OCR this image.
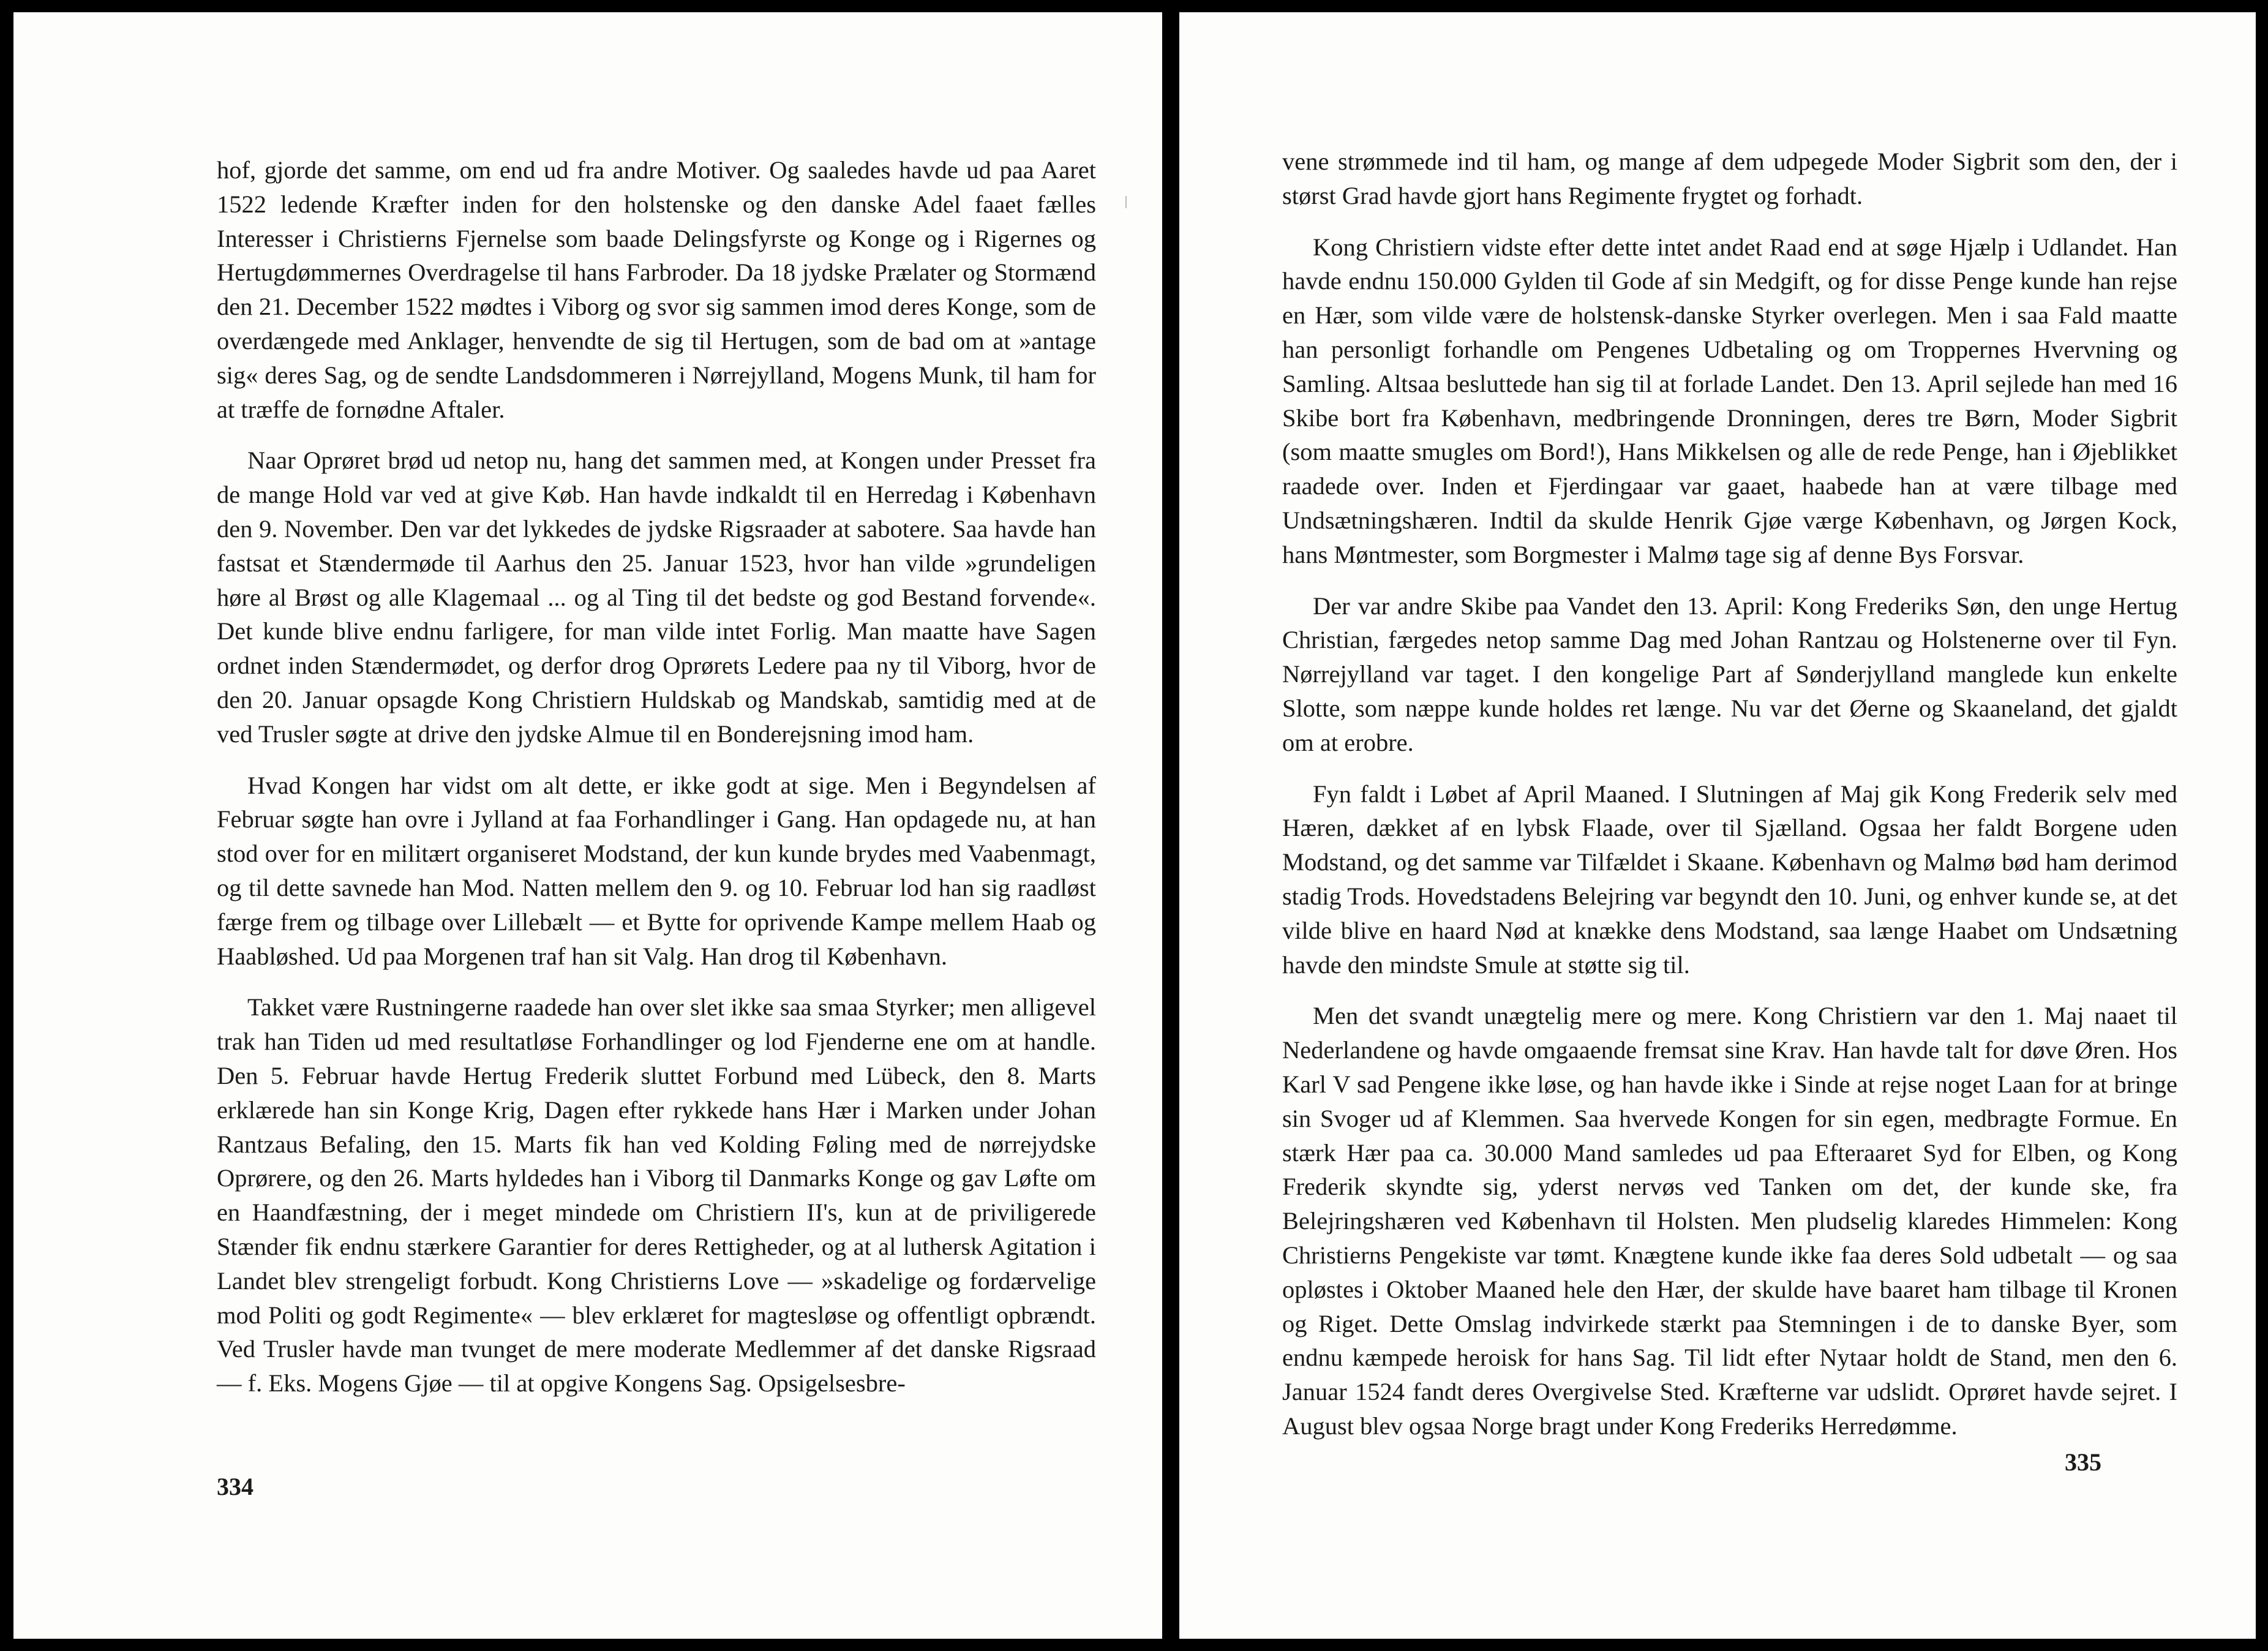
hof, gjorde det samme, om end ud fra andre Motiver. Og saaledes havde ud paa Aaret 1522 ledende Kræfter inden for den holstenske og den danske Adel faaet fælles Interesser i Christierns Fjernelse som baade Delingsfyrste og Konge og i Rigernes og Hertugdømmernes Overdragelse til hans Farbroder. Da 18 jydske Prælater og Stormænd den 21. December 1522 mødtes i Viborg og svor sig sammen imod deres Konge, som de overdængede med Anklager, henvendte de sig til Hertugen, som de bad om at »antage sig« deres Sag, og de sendte Landsdommeren i Nørrejylland, Mogens Munk, til ham for at træffe de fornødne Aftaler.

Naar Oprøret brød ud netop nu, hang det sammen med, at Kongen under Presset fra de mange Hold var ved at give Køb. Han havde indkaldt til en Herredag i København den 9. November. Den var det lykkedes de jydske Rigsraader at sabotere. Saa havde han fastsat et Stændermøde til Aarhus den 25. Januar 1523, hvor han vilde »grundeligen høre al Brøst og alle Klagemaal ... og al Ting til det bedste og god Bestand forvende«. Det kunde blive endnu farligere, for man vilde intet Forlig. Man maatte have Sagen ordnet inden Stændermødet, og derfor drog Oprørets Ledere paa ny til Viborg, hvor de den 20. Januar opsagde Kong Christiern Huldskab og Mandskab, samtidig med at de ved Trusler søgte at drive den jydske Almue til en Bonderejsning imod ham.

Hvad Kongen har vidst om alt dette, er ikke godt at sige. Men i Begyndelsen af Februar søgte han ovre i Jylland at faa Forhandlinger i Gang. Han opdagede nu, at han stod over for en militært organiseret Modstand, der kun kunde brydes med Vaabenmagt, og til dette savnede han Mod. Natten mellem den 9. og 10. Februar lod han sig raadløst færge frem og tilbage over Lillebælt — et Bytte for oprivende Kampe mellem Haab og Haabløshed. Ud paa Morgenen traf han sit Valg. Han drog til København.

Takket være Rustningerne raadede han over slet ikke saa smaa Styrker; men alligevel trak han Tiden ud med resultatløse Forhandlinger og lod Fjenderne ene om at handle. Den 5. Februar havde Hertug Frederik sluttet Forbund med Lübeck, den 8. Marts erklærede han sin Konge Krig, Dagen efter rykkede hans Hær i Marken under Johan Rantzaus Befaling, den 15. Marts fik han ved Kolding Føling med de nørrejydske Oprørere, og den 26. Marts hyldedes han i Viborg til Danmarks Konge og gav Løfte om en Haandfæstning, der i meget mindede om Christiern II's, kun at de priviligerede Stænder fik endnu stærkere Garantier for deres Rettigheder, og at al luthersk Agitation i Landet blev strengeligt forbudt. Kong Christierns Love — »skadelige og fordærvelige mod Politi og godt Regimente« — blev erklæret for magtesløse og offentligt opbrændt. Ved Trusler havde man tvunget de mere moderate Medlemmer af det danske Rigsraad — f. Eks. Mogens Gjøe — til at opgive Kongens Sag. Opsigelsesbre-

334

vene strømmede ind til ham, og mange af dem udpegede Moder Sigbrit som den, der i størst Grad havde gjort hans Regimente frygtet og forhadt.

Kong Christiern vidste efter dette intet andet Raad end at søge Hjælp i Udlandet. Han havde endnu 150.000 Gylden til Gode af sin Medgift, og for disse Penge kunde han rejse en Hær, som vilde være de holstensk-danske Styrker overlegen. Men i saa Fald maatte han personligt forhandle om Pengenes Udbetaling og om Troppernes Hvervning og Samling. Altsaa besluttede han sig til at forlade Landet. Den 13. April sejlede han med 16 Skibe bort fra København, medbringende Dronningen, deres tre Børn, Moder Sigbrit (som maatte smugles om Bord!), Hans Mikkelsen og alle de rede Penge, han i Øjeblikket raadede over. Inden et Fjerdingaar var gaaet, haabede han at være tilbage med Undsætningshæren. Indtil da skulde Henrik Gjøe værge København, og Jørgen Kock, hans Møntmester, som Borgmester i Malmø tage sig af denne Bys Forsvar.

Der var andre Skibe paa Vandet den 13. April: Kong Frederiks Søn, den unge Hertug Christian, færgedes netop samme Dag med Johan Rantzau og Holstenerne over til Fyn. Nørrejylland var taget. I den kongelige Part af Sønderjylland manglede kun enkelte Slotte, som næppe kunde holdes ret længe. Nu var det Øerne og Skaaneland, det gjaldt om at erobre.

Fyn faldt i Løbet af April Maaned. I Slutningen af Maj gik Kong Frederik selv med Hæren, dækket af en lybsk Flaade, over til Sjælland. Ogsaa her faldt Borgene uden Modstand, og det samme var Tilfældet i Skaane. København og Malmø bød ham derimod stadig Trods. Hovedstadens Belejring var begyndt den 10. Juni, og enhver kunde se, at det vilde blive en haard Nød at knække dens Modstand, saa længe Haabet om Undsætning havde den mindste Smule at støtte sig til.

Men det svandt unægtelig mere og mere. Kong Christiern var den 1. Maj naaet til Nederlandene og havde omgaaende fremsat sine Krav. Han havde talt for døve Øren. Hos Karl V sad Pengene ikke løse, og han havde ikke i Sinde at rejse noget Laan for at bringe sin Svoger ud af Klemmen. Saa hvervede Kongen for sin egen, medbragte Formue. En stærk Hær paa ca. 30.000 Mand samledes ud paa Efteraaret Syd for Elben, og Kong Frederik skyndte sig, yderst nervøs ved Tanken om det, der kunde ske, fra Belejringshæren ved København til Holsten. Men pludselig klaredes Himmelen: Kong Christierns Pengekiste var tømt. Knægtene kunde ikke faa deres Sold udbetalt — og saa opløstes i Oktober Maaned hele den Hær, der skulde have baaret ham tilbage til Kronen og Riget. Dette Omslag indvirkede stærkt paa Stemningen i de to danske Byer, som endnu kæmpede heroisk for hans Sag. Til lidt efter Nytaar holdt de Stand, men den 6. Januar 1524 fandt deres Overgivelse Sted. Kræfterne var udslidt. Oprøret havde sejret. I August blev ogsaa Norge bragt under Kong Frederiks Herredømme.

335
